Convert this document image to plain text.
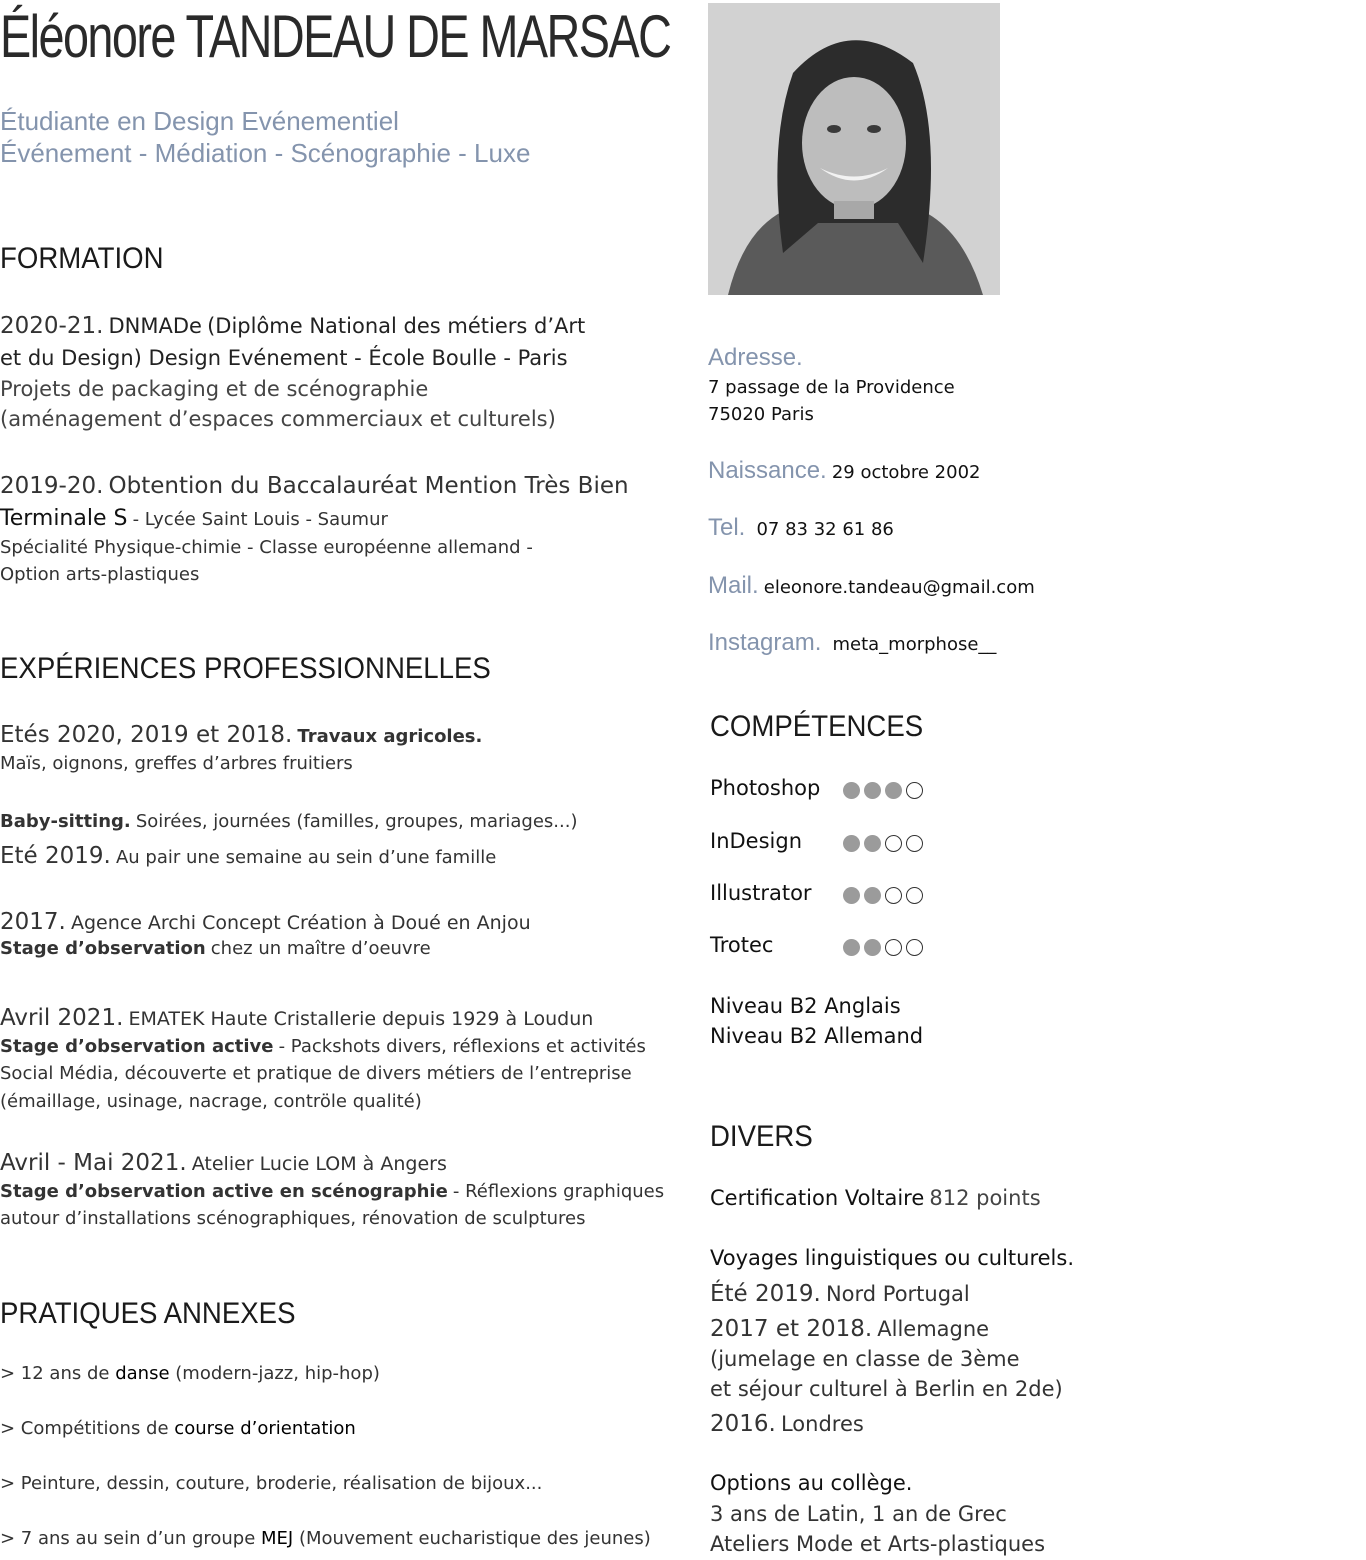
Éléonore TANDEAU DE MARSAC
Étudiante en Design Evénementiel
Événement - Médiation - Scénographie - Luxe
FORMATION
2020-21. DNMADe (Diplôme National des métiers d’Art
et du Design) Design Evénement - École Boulle - Paris
Projets de packaging et de scénographie
(aménagement d’espaces commerciaux et culturels)
2019-20. Obtention du Baccalauréat Mention Très Bien
Terminale S - Lycée Saint Louis - Saumur
Spécialité Physique-chimie - Classe européenne allemand -
Option arts-plastiques
EXPÉRIENCES PROFESSIONNELLES
Etés 2020, 2019 et 2018. Travaux agricoles.
Maïs, oignons, greffes d’arbres fruitiers
Baby-sitting. Soirées, journées (familles, groupes, mariages...)
Eté 2019. Au pair une semaine au sein d’une famille
2017. Agence Archi Concept Création à Doué en Anjou
Stage d’observation chez un maître d’oeuvre
Avril 2021. EMATEK Haute Cristallerie depuis 1929 à Loudun
Stage d’observation active - Packshots divers, réflexions et activités
Social Média, découverte et pratique de divers métiers de l’entreprise
(émaillage, usinage, nacrage, contröle qualité)
Avril - Mai 2021. Atelier Lucie LOM à Angers
Stage d’observation active en scénographie - Réflexions graphiques
autour d’installations scénographiques, rénovation de sculptures
PRATIQUES ANNEXES
> 12 ans de danse (modern-jazz, hip-hop)
> Compétitions de course d’orientation
> Peinture, dessin, couture, broderie, réalisation de bijoux...
> 7 ans au sein d’un groupe MEJ (Mouvement eucharistique des jeunes)
Adresse.
7 passage de la Providence
75020 Paris
Naissance. 29 octobre 2002
Tel. 07 83 32 61 86
Mail. eleonore.tandeau@gmail.com
Instagram. meta_morphose__
COMPÉTENCES
Photoshop
InDesign
Illustrator
Trotec
Niveau B2 Anglais
Niveau B2 Allemand
DIVERS
Certification Voltaire 812 points
Voyages linguistiques ou culturels.
Été 2019. Nord Portugal
2017 et 2018. Allemagne
(jumelage en classe de 3ème
et séjour culturel à Berlin en 2de)
2016. Londres
Options au collège.
3 ans de Latin, 1 an de Grec
Ateliers Mode et Arts-plastiques
